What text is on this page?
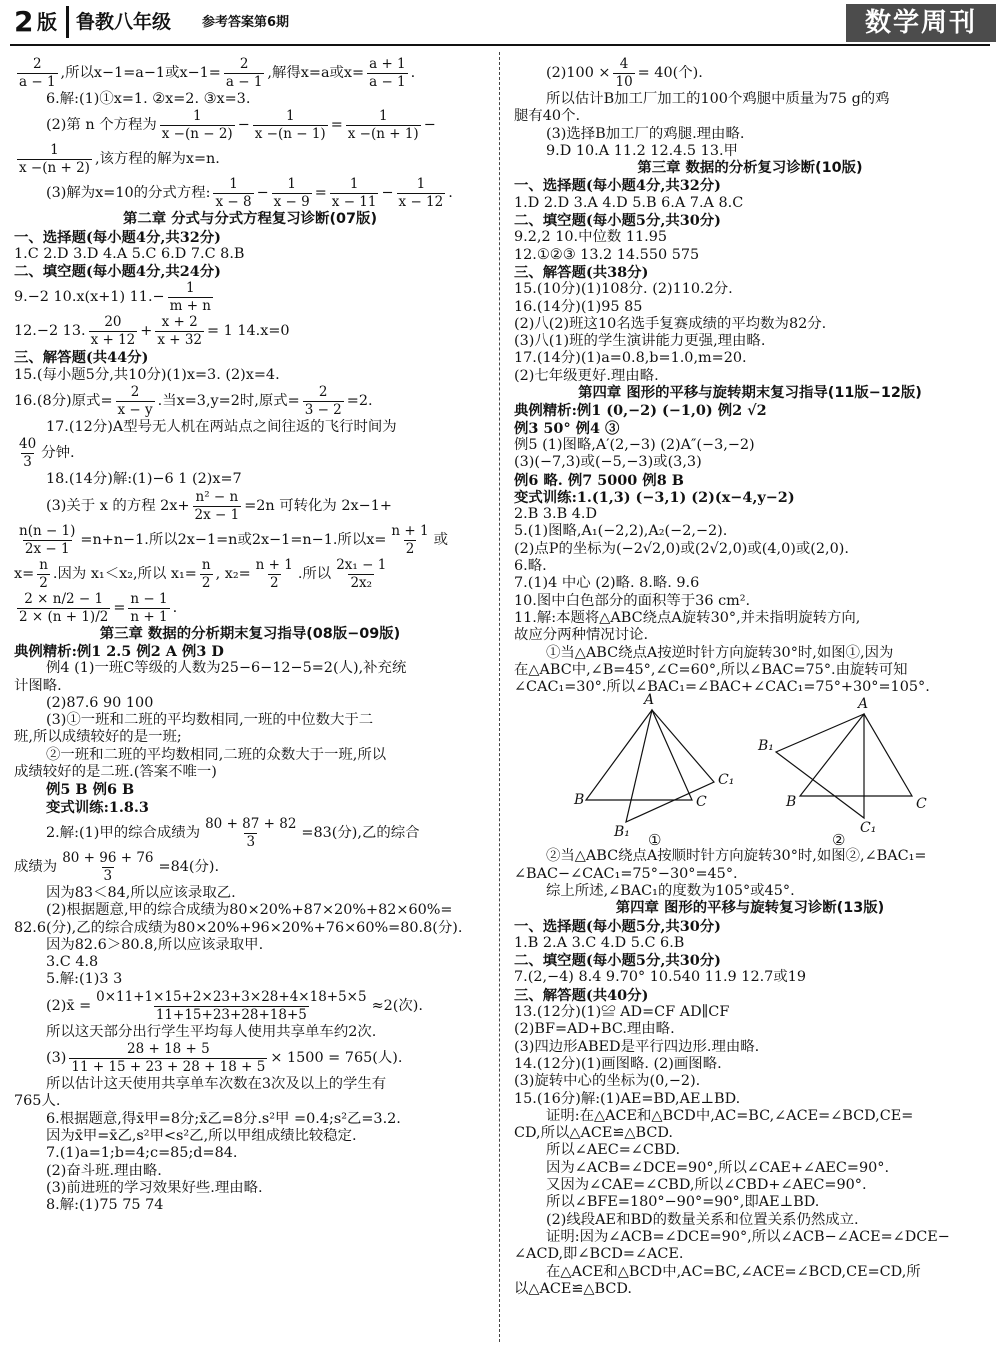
2 版 鲁教八年级 参考答案第6期	数学周刊
2
a − 1
,所以x−1=a−1或$x-1= \frac{2}{a - 1}$ ,解得x=a或$x= \frac{a + 1}{a - 1}$ .
6.解:(1)①x=1. ②x=2. ③x=3.
(2)第 n 个方程为
1
x −(n − 2)
− $\frac{1}{x -(n - 1)} = \frac{1}{x -(n + 1)}$ −
1
x −(n + 2)
,该方程的解为x=n.
(3)解为x=10的分式方程:
1
x − 8
− $\frac{1}{x - 9} = \frac{1}{x - 11} - \frac{1}{x - 12}$ .
第二章 分式与分式方程复习诊断(07版)
一、选择题(每小题4分,共32分)
1.C 2.D 3.D 4.A 5.C 6.D 7.C 8.B
二、填空题(每小题4分,共24分)
9.−2 10.x(x+1) $11.- \frac{1}{m + n}$
12.−2 13.
20
x + 12
+ $\frac{x + 2}{x + 32} = 1$ 14.x=0
三、解答题(共44分)
15.(每小题5分,共10分)(1)x=3. (2)x=4.
16.(8分)原式= $\frac{2}{x - y}$ .当x=3,y=2时,原式= $\frac{2}{3 - 2} =2$.
17.(12分)A型号无人机在两站点之间往返的飞行时间为
40
3
分钟.
18.(14分)解:(1)−6 1 (2)x=7
(3)关于 x 的方程 $2x+ \frac{\text{n² − n}}{2x - 1} =2n$ 可转化为 2x−1+
$\frac{n(n - 1)}{2x - 1} =n+n-1$.所以2x−1=n或2x−1=n−1.所以$x= \frac{n + 1}{2}$ 或
$x= \frac{n}{2}$ .因为 x₁＜x₂,所以 $x_1= \frac{n}{2}$ , $x_2= \frac{n + 1}{2}$ .所以
2x₁ − 1
2x₂
$\frac{2 \times n/2 - 1}{2 \times (n + 1)/2} = \frac{n - 1}{n + 1}$ .
第三章 数据的分析期末复习指导(08版−09版)
典例精析:例1 2.5 例2 A 例3 D
例4 (1)一班C等级的人数为25−6−12−5=2(人),补充统
计图略.
(2)87.6 90 100
(3)①一班和二班的平均数相同,一班的中位数大于二
班,所以成绩较好的是一班;
②一班和二班的平均数相同,二班的众数大于一班,所以
成绩较好的是二班.(答案不唯一)
例5 B 例6 B
变式训练:1.8.3
2.解:(1)甲的综合成绩为 $\frac{80 + 87 + 82}{3} =83$(分),乙的综合
成绩为 $\frac{80 + 96 + 76}{3} =84$(分).
因为83＜84,所以应该录取乙.
(2)根据题意,甲的综合成绩为80×20%+87×20%+82×60%=
82.6(分),乙的综合成绩为80×20%+96×20%+76×60%=80.8(分).
因为82.6＞80.8,所以应该录取甲.
3.C 4.8
5.解:(1)3 3
(2)x̄ = $\frac{0\times 11+1\times 15+2\times 23+3\times 28+4\times 18+5\times 5}{11+15+23+28+18+5} \approx 2$(次).
所以这天部分出行学生平均每人使用共享单车约2次.
$(3) \frac{28 + 18 + 5}{11 + 15 + 23 + 28 + 18 + 5} \times 1500 = 765$(人).
所以估计这天使用共享单车次数在3次及以上的学生有
765人.
6.根据题意,得x̄甲=8分;x̄乙=8分.s²甲 =0.4;s²乙=3.2.
因为x̄甲=x̄乙,s²甲<s²乙,所以甲组成绩比较稳定.
7.(1)a=1;b=4;c=85;d=84.
(2)奋斗班.理由略.
(3)前进班的学习效果好些.理由略.
8.解:(1)75 75 74
$(2)100 \times \frac{4}{10} = 40$(个).
所以估计B加工厂加工的100个鸡腿中质量为75 g的鸡
腿有40个.
(3)选择B加工厂的鸡腿.理由略.
9.D 10.A 11.2 12.4.5 13.甲
第三章 数据的分析复习诊断(10版)
一、选择题(每小题4分,共32分)
1.D 2.D 3.A 4.D 5.B 6.A 7.A 8.C
二、填空题(每小题5分,共30分)
9.2,2 10.中位数 11.95
12.①②③ 13.2 14.550 575
三、解答题(共38分)
15.(10分)(1)108分. (2)110.2分.
16.(14分)(1)95 85
(2)八(2)班这10名选手复赛成绩的平均数为82分.
(3)八(1)班的学生演讲能力更强,理由略.
17.(14分)(1)a=0.8,b=1.0,m=20.
(2)七年级更好.理由略.
第四章 图形的平移与旋转期末复习指导(11版−12版)
典例精析:例1 (0,−2) (−1,0) 例2 √2
例3 50° 例4 ③
例5 (1)图略,A′(2,−3) (2)A″(−3,−2)
(3)(−7,3)或(−5,−3)或(3,3)
例6 略. 例7 5000 例8 B
变式训练:1.(1,3) (−3,1) (2)(x−4,y−2)
2.B 3.B 4.D
5.(1)图略,A₁(−2,2),A₂(−2,−2).
(2)点P的坐标为(−2√2,0)或(2√2,0)或(4,0)或(2,0).
6.略.
7.(1)4 中心 (2)略. 8.略. 9.6
10.图中白色部分的面积等于36 cm².
11.解:本题将△ABC绕点A旋转30°,并未指明旋转方向,
故应分两种情况讨论.
①当△ABC绕点A按逆时针方向旋转30°时,如图①,因为
在△ABC中,∠B=45°,∠C=60°,所以∠BAC=75°.由旋转可知
∠CAC₁=30°.所以∠BAC₁=∠BAC+∠CAC₁=75°+30°=105°.
A
B	C
C₁
B₁ ①
A
B₁
B
C₁
C
②
②当△ABC绕点A按顺时针方向旋转30°时,如图②,∠BAC₁=
∠BAC−∠CAC₁=75°−30°=45°.
综上所述,∠BAC₁的度数为105°或45°.
第四章 图形的平移与旋转复习诊断(13版)
一、选择题(每小题5分,共30分)
1.B 2.A 3.C 4.D 5.C 6.B
二、填空题(每小题5分,共30分)
7.(2,−4) 8.4 9.70° 10.540 11.9 12.7或19
三、解答题(共40分)
13.(12分)(1)≌ AD=CF AD∥CF
(2)BF=AD+BC.理由略.
(3)四边形ABED是平行四边形.理由略.
14.(12分)(1)画图略. (2)画图略.
(3)旋转中心的坐标为(0,−2).
15.(16分)解:(1)AE=BD,AE⊥BD.
证明:在△ACE和△BCD中,AC=BC,∠ACE=∠BCD,CE=
CD,所以△ACE≌△BCD.
所以∠AEC=∠CBD.
因为∠ACB=∠DCE=90°,所以∠CAE+∠AEC=90°.
又因为∠CAE=∠CBD,所以∠CBD+∠AEC=90°.
所以∠BFE=180°−90°=90°,即AE⊥BD.
(2)线段AE和BD的数量关系和位置关系仍然成立.
证明:因为∠ACB=∠DCE=90°,所以∠ACB−∠ACE=∠DCE−
∠ACD,即∠BCD=∠ACE.
在△ACE和△BCD中,AC=BC,∠ACE=∠BCD,CE=CD,所
以△ACE≌△BCD.
